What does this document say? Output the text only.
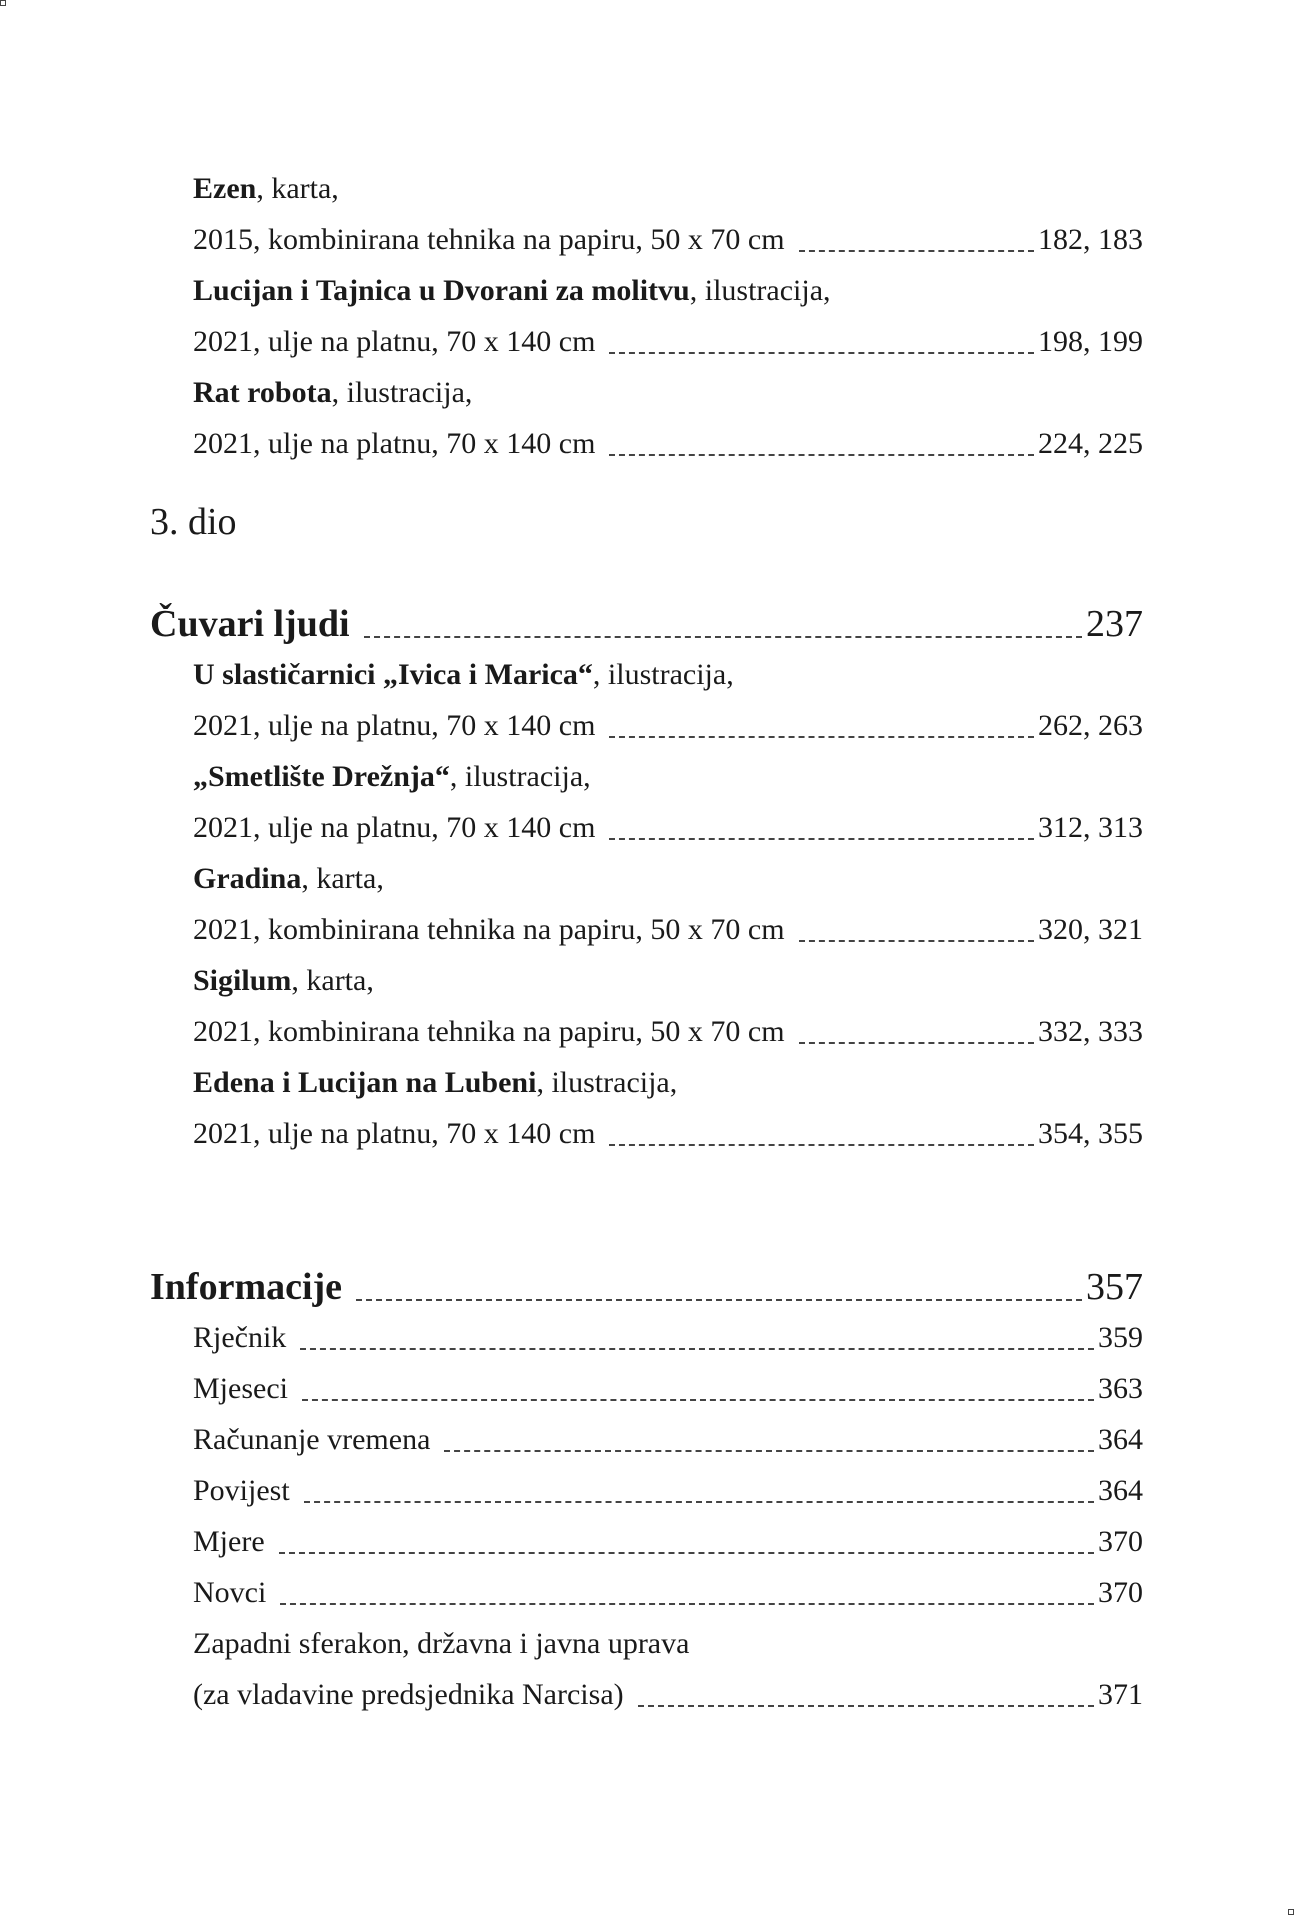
Ezen , karta,
2015, kombinirana tehnika na papiru, 50 x 70 cm	182, 183
Lucijan i Tajnica u Dvorani za molitvu , ilustracija,
2021, ulje na platnu, 70 x 140 cm	198, 199
Rat robota , ilustracija,
2021, ulje na platnu, 70 x 140 cm	224, 225
3. dio
Čuvari ljudi	237
U slastičarnici „Ivica i Marica“ , ilustracija,
2021, ulje na platnu, 70 x 140 cm	262, 263
„Smetlište Drežnja“ , ilustracija,
2021, ulje na platnu, 70 x 140 cm	312, 313
Gradina , karta,
2021, kombinirana tehnika na papiru, 50 x 70 cm	320, 321
Sigilum , karta,
2021, kombinirana tehnika na papiru, 50 x 70 cm	332, 333
Edena i Lucijan na Lubeni , ilustracija,
2021, ulje na platnu, 70 x 140 cm	354, 355
Informacije	357
Rječnik	359
Mjeseci	363
Računanje vremena	364
Povijest	364
Mjere	370
Novci	370
Zapadni sferakon, državna i javna uprava
(za vladavine predsjednika Narcisa)	371
